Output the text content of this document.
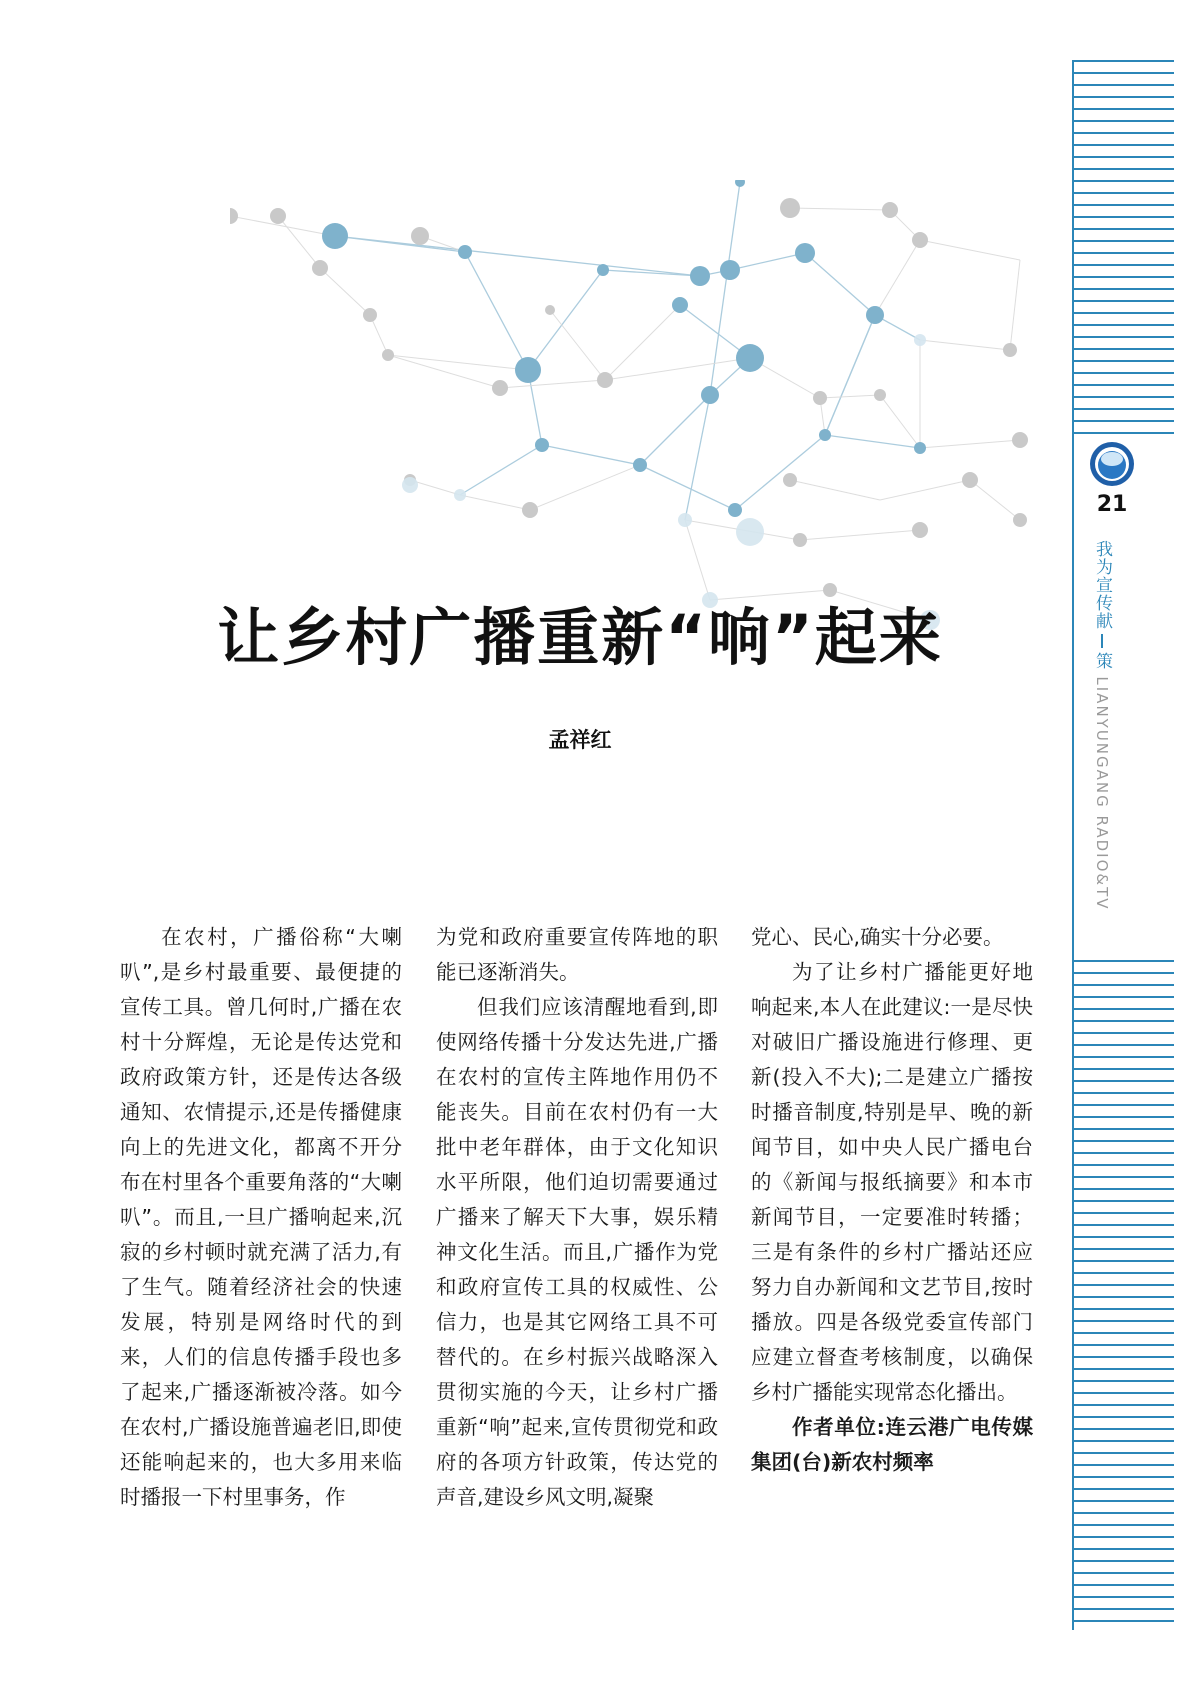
21
我为宣传献策 LIANYUNGANG RADIO&TV
让乡村广播重新“响”起来
孟祥红

在农村，广播俗称“大喇叭”,是乡村最重要、最便捷的宣传工具。曾几何时,广播在农村十分辉煌，无论是传达党和政府政策方针，还是传达各级通知、农情提示,还是传播健康向上的先进文化，都离不开分布在村里各个重要角落的“大喇叭”。而且,一旦广播响起来,沉寂的乡村顿时就充满了活力,有了生气。随着经济社会的快速发展，特别是网络时代的到来，人们的信息传播手段也多了起来,广播逐渐被冷落。如今在农村,广播设施普遍老旧,即使还能响起来的，也大多用来临时播报一下村里事务，作

为党和政府重要宣传阵地的职能已逐渐消失。

但我们应该清醒地看到,即使网络传播十分发达先进,广播在农村的宣传主阵地作用仍不能丧失。目前在农村仍有一大批中老年群体，由于文化知识水平所限，他们迫切需要通过广播来了解天下大事，娱乐精神文化生活。而且,广播作为党和政府宣传工具的权威性、公信力，也是其它网络工具不可替代的。在乡村振兴战略深入贯彻实施的今天，让乡村广播重新“响”起来,宣传贯彻党和政府的各项方针政策，传达党的声音,建设乡风文明,凝聚

党心、民心,确实十分必要。

为了让乡村广播能更好地响起来,本人在此建议:一是尽快对破旧广播设施进行修理、更新(投入不大);二是建立广播按时播音制度,特别是早、晚的新闻节目，如中央人民广播电台的《新闻与报纸摘要》和本市新闻节目，一定要准时转播；三是有条件的乡村广播站还应努力自办新闻和文艺节目,按时播放。四是各级党委宣传部门应建立督查考核制度，以确保乡村广播能实现常态化播出。

作者单位:连云港广电传媒集团(台)新农村频率
